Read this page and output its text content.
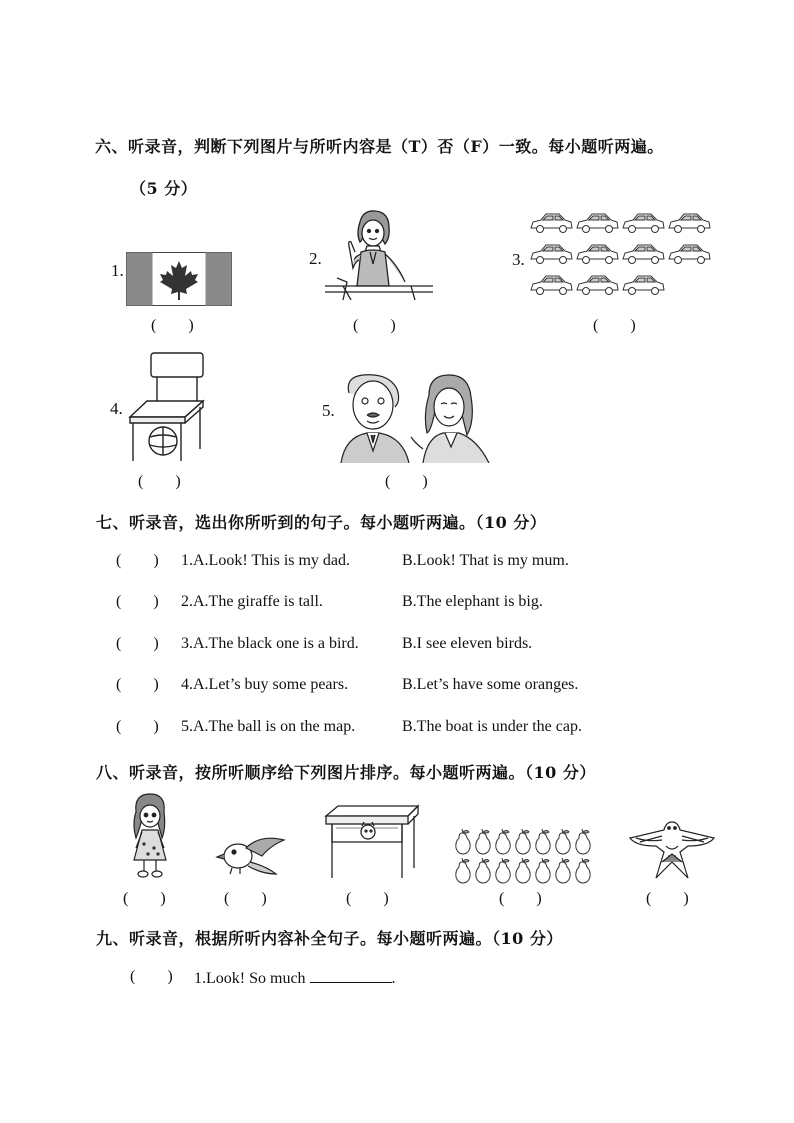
六、听录音，判断下列图片与所听内容是（T）否（F）一致。每小题听两遍。
（5 分）
1.
(        )
2.
(        )
3.
(        )
4.
(        )
5.
(        )
七、听录音，选出你所听到的句子。每小题听两遍。（10 分）
(        ) 1.A.Look! This is my dad.	B.Look! That is my mum.
(        ) 2.A.The giraffe is tall.	B.The elephant is big.
(        ) 3.A.The black one is a bird.	B.I see eleven birds.
(        ) 4.A.Let’s buy some pears.	B.Let’s have some oranges.
(        ) 5.A.The ball is on the map.	B.The boat is under the cap.
八、听录音，按所听顺序给下列图片排序。每小题听两遍。（10 分）
(        )	(        )	(        )	(        )	(        )
九、听录音，根据所听内容补全句子。每小题听两遍。（10 分）
(        ) 1.Look! So much	.
